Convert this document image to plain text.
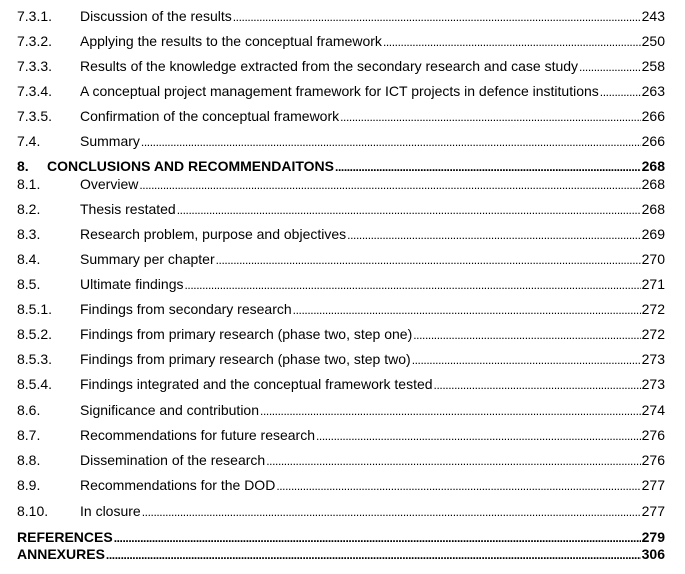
7.3.1. Discussion of the results .....	243
7.3.2. Applying the results to the conceptual framework .....	250
7.3.3. Results of the knowledge extracted from the secondary research and case study .....	258
7.3.4. A conceptual project management framework for ICT projects in defence institutions .....	263
7.3.5. Confirmation of the conceptual framework .....	266
7.4.	Summary .....	266
8. CONCLUSIONS AND RECOMMENDAITONS .....	268
8.1.	Overview .....	268
8.2.	Thesis restated .....	268
8.3.	Research problem, purpose and objectives .....	269
8.4.	Summary per chapter .....	270
8.5.	Ultimate findings .....	271
8.5.1. Findings from secondary research .....	272
8.5.2. Findings from primary research (phase two, step one) .....	272
8.5.3. Findings from primary research (phase two, step two) .....	273
8.5.4. Findings integrated and the conceptual framework tested .....	273
8.6.	Significance and contribution .....	274
8.7.	Recommendations for future research .....	276
8.8.	Dissemination of the research .....	276
8.9.	Recommendations for the DOD .....	277
8.10. In closure .....	277
REFERENCES .....	279
ANNEXURES .....	306
